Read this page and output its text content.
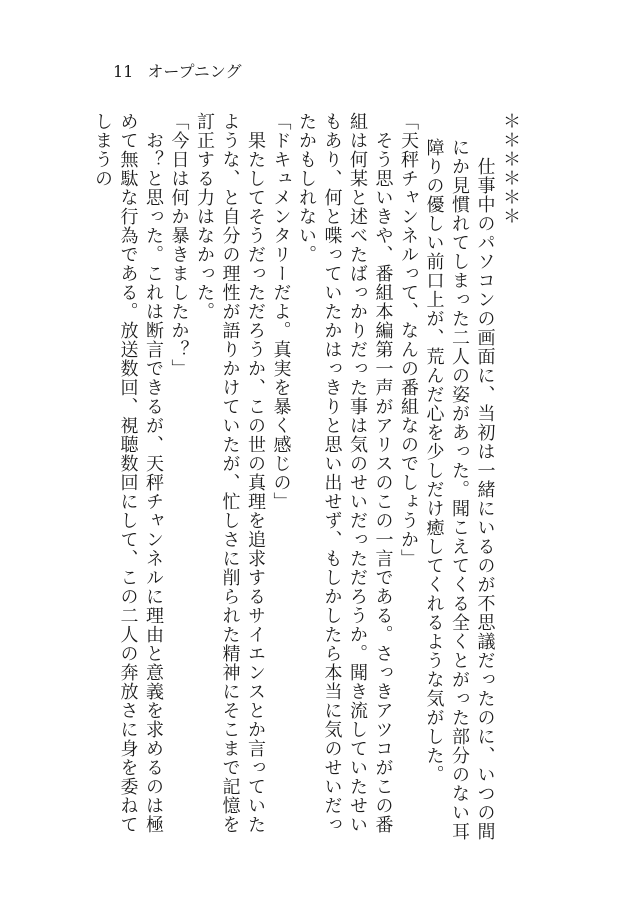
11 オープニング

＊＊＊＊＊＊

　仕事中のパソコンの画面に、当初は一緒にいるのが不思議だったのに、いつの間にか見慣れてしまった二人の姿があった。聞こえてくる全くとがった部分のない耳障りの優しい前口上が、荒んだ心を少しだけ癒してくれるような気がした。

「天秤チャンネルって、なんの番組なのでしょうか」

　そう思いきや、番組本編第一声がアリスのこの一言である。さっきアツコがこの番組は何某と述べたばっかりだった事は気のせいだっただろうか。聞き流していたせいもあり、何と喋っていたかはっきりと思い出せず、もしかしたら本当に気のせいだったかもしれない。

「ドキュメンタリーだよ。真実を暴く感じの」

　果たしてそうだっただろうか、この世の真理を追求するサイエンスとか言っていたような、と自分の理性が語りかけていたが、忙しさに削られた精神にそこまで記憶を訂正する力はなかった。

「今日は何か暴きましたか？」

　お？と思った。これは断言できるが、天秤チャンネルに理由と意義を求めるのは極めて無駄な行為である。放送数回、視聴数回にして、この二人の奔放さに身を委ねてしまうの
